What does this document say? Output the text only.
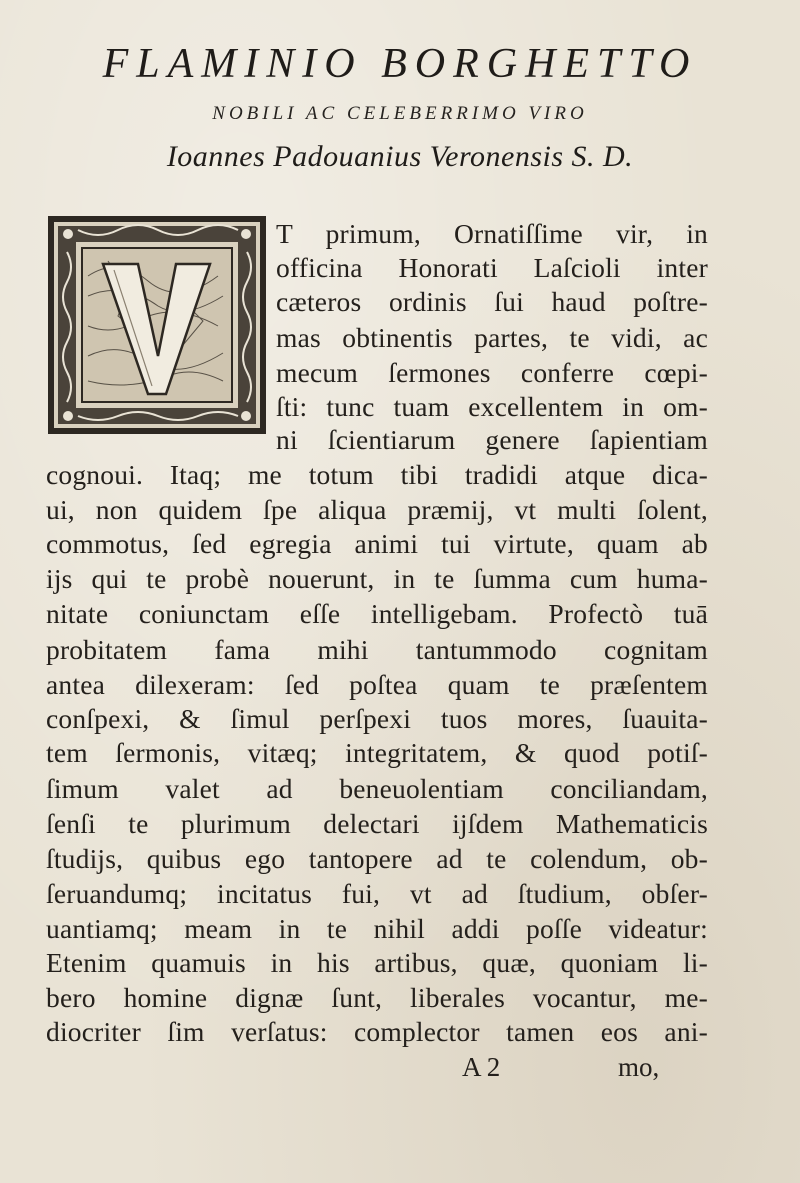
FLAMINIO BORGHETTO
NOBILI AC CELEBERRIMO VIRO
Ioannes Padouanius Veronensis S. D.
T primum, Ornatiſſime vir, in
officina Honorati Laſcioli inter
cæteros ordinis ſui haud poſtre-
mas obtinentis partes, te vidi, ac
mecum ſermones conferre cœpi-
ſti: tunc tuam excellentem in om-
ni ſcientiarum genere ſapientiam
cognoui. Itaq; me totum tibi tradidi atque dica-
ui, non quidem ſpe aliqua præmij, vt multi ſolent,
commotus, ſed egregia animi tui virtute, quam ab
ijs qui te probè nouerunt, in te ſumma cum huma-
nitate coniunctam eſſe intelligebam. Profectò tuā
probitatem fama mihi tantummodo cognitam
antea dilexeram: ſed poſtea quam te præſentem
conſpexi, & ſimul perſpexi tuos mores, ſuauita-
tem ſermonis, vitæq; integritatem, & quod potiſ-
ſimum valet ad beneuolentiam conciliandam,
ſenſi te plurimum delectari ijſdem Mathematicis
ſtudijs, quibus ego tantopere ad te colendum, ob-
ſeruandumq; incitatus fui, vt ad ſtudium, obſer-
uantiamq; meam in te nihil addi poſſe videatur:
Etenim quamuis in his artibus, quæ, quoniam li-
bero homine dignæ ſunt, liberales vocantur, me-
diocriter ſim verſatus: complector tamen eos ani-
A 2	mo,
